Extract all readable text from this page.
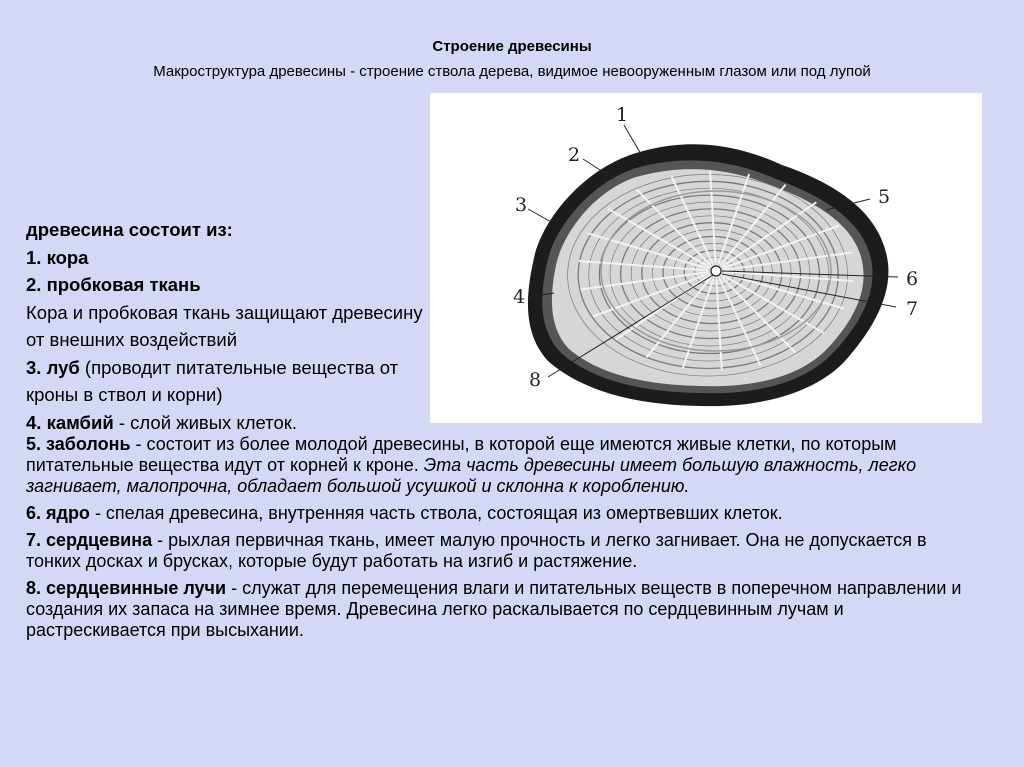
Строение древесины
Макроструктура древесины - строение ствола дерева, видимое невооруженным глазом или под лупой
1
2
3
4
5
6
7
8

древесина состоит из:

1. кора

2. пробковая ткань

Кора и пробковая ткань защищают древесину от внешних воздействий

3. луб (проводит питательные вещества от кроны в ствол и корни)

4. камбий - слой живых клеток.

5. заболонь - состоит из более молодой древесины, в которой еще имеются живые клетки, по которым питательные вещества идут от корней к кроне. Эта часть древесины имеет большую влажность, легко загнивает, малопрочна, обладает большой усушкой и склонна к короблению.
6. ядро - спелая древесина, внутренняя часть ствола, состоящая из омертвевших клеток.
7. сердцевина - рыхлая первичная ткань, имеет малую прочность и легко загнивает. Она не допускается в тонких досках и брусках, которые будут работать на изгиб и растяжение.
8. сердцевинные лучи - служат для перемещения влаги и питательных веществ в поперечном направлении и создания их запаса на зимнее время. Древесина легко раскалывается по сердцевинным лучам и растрескивается при высыхании.
